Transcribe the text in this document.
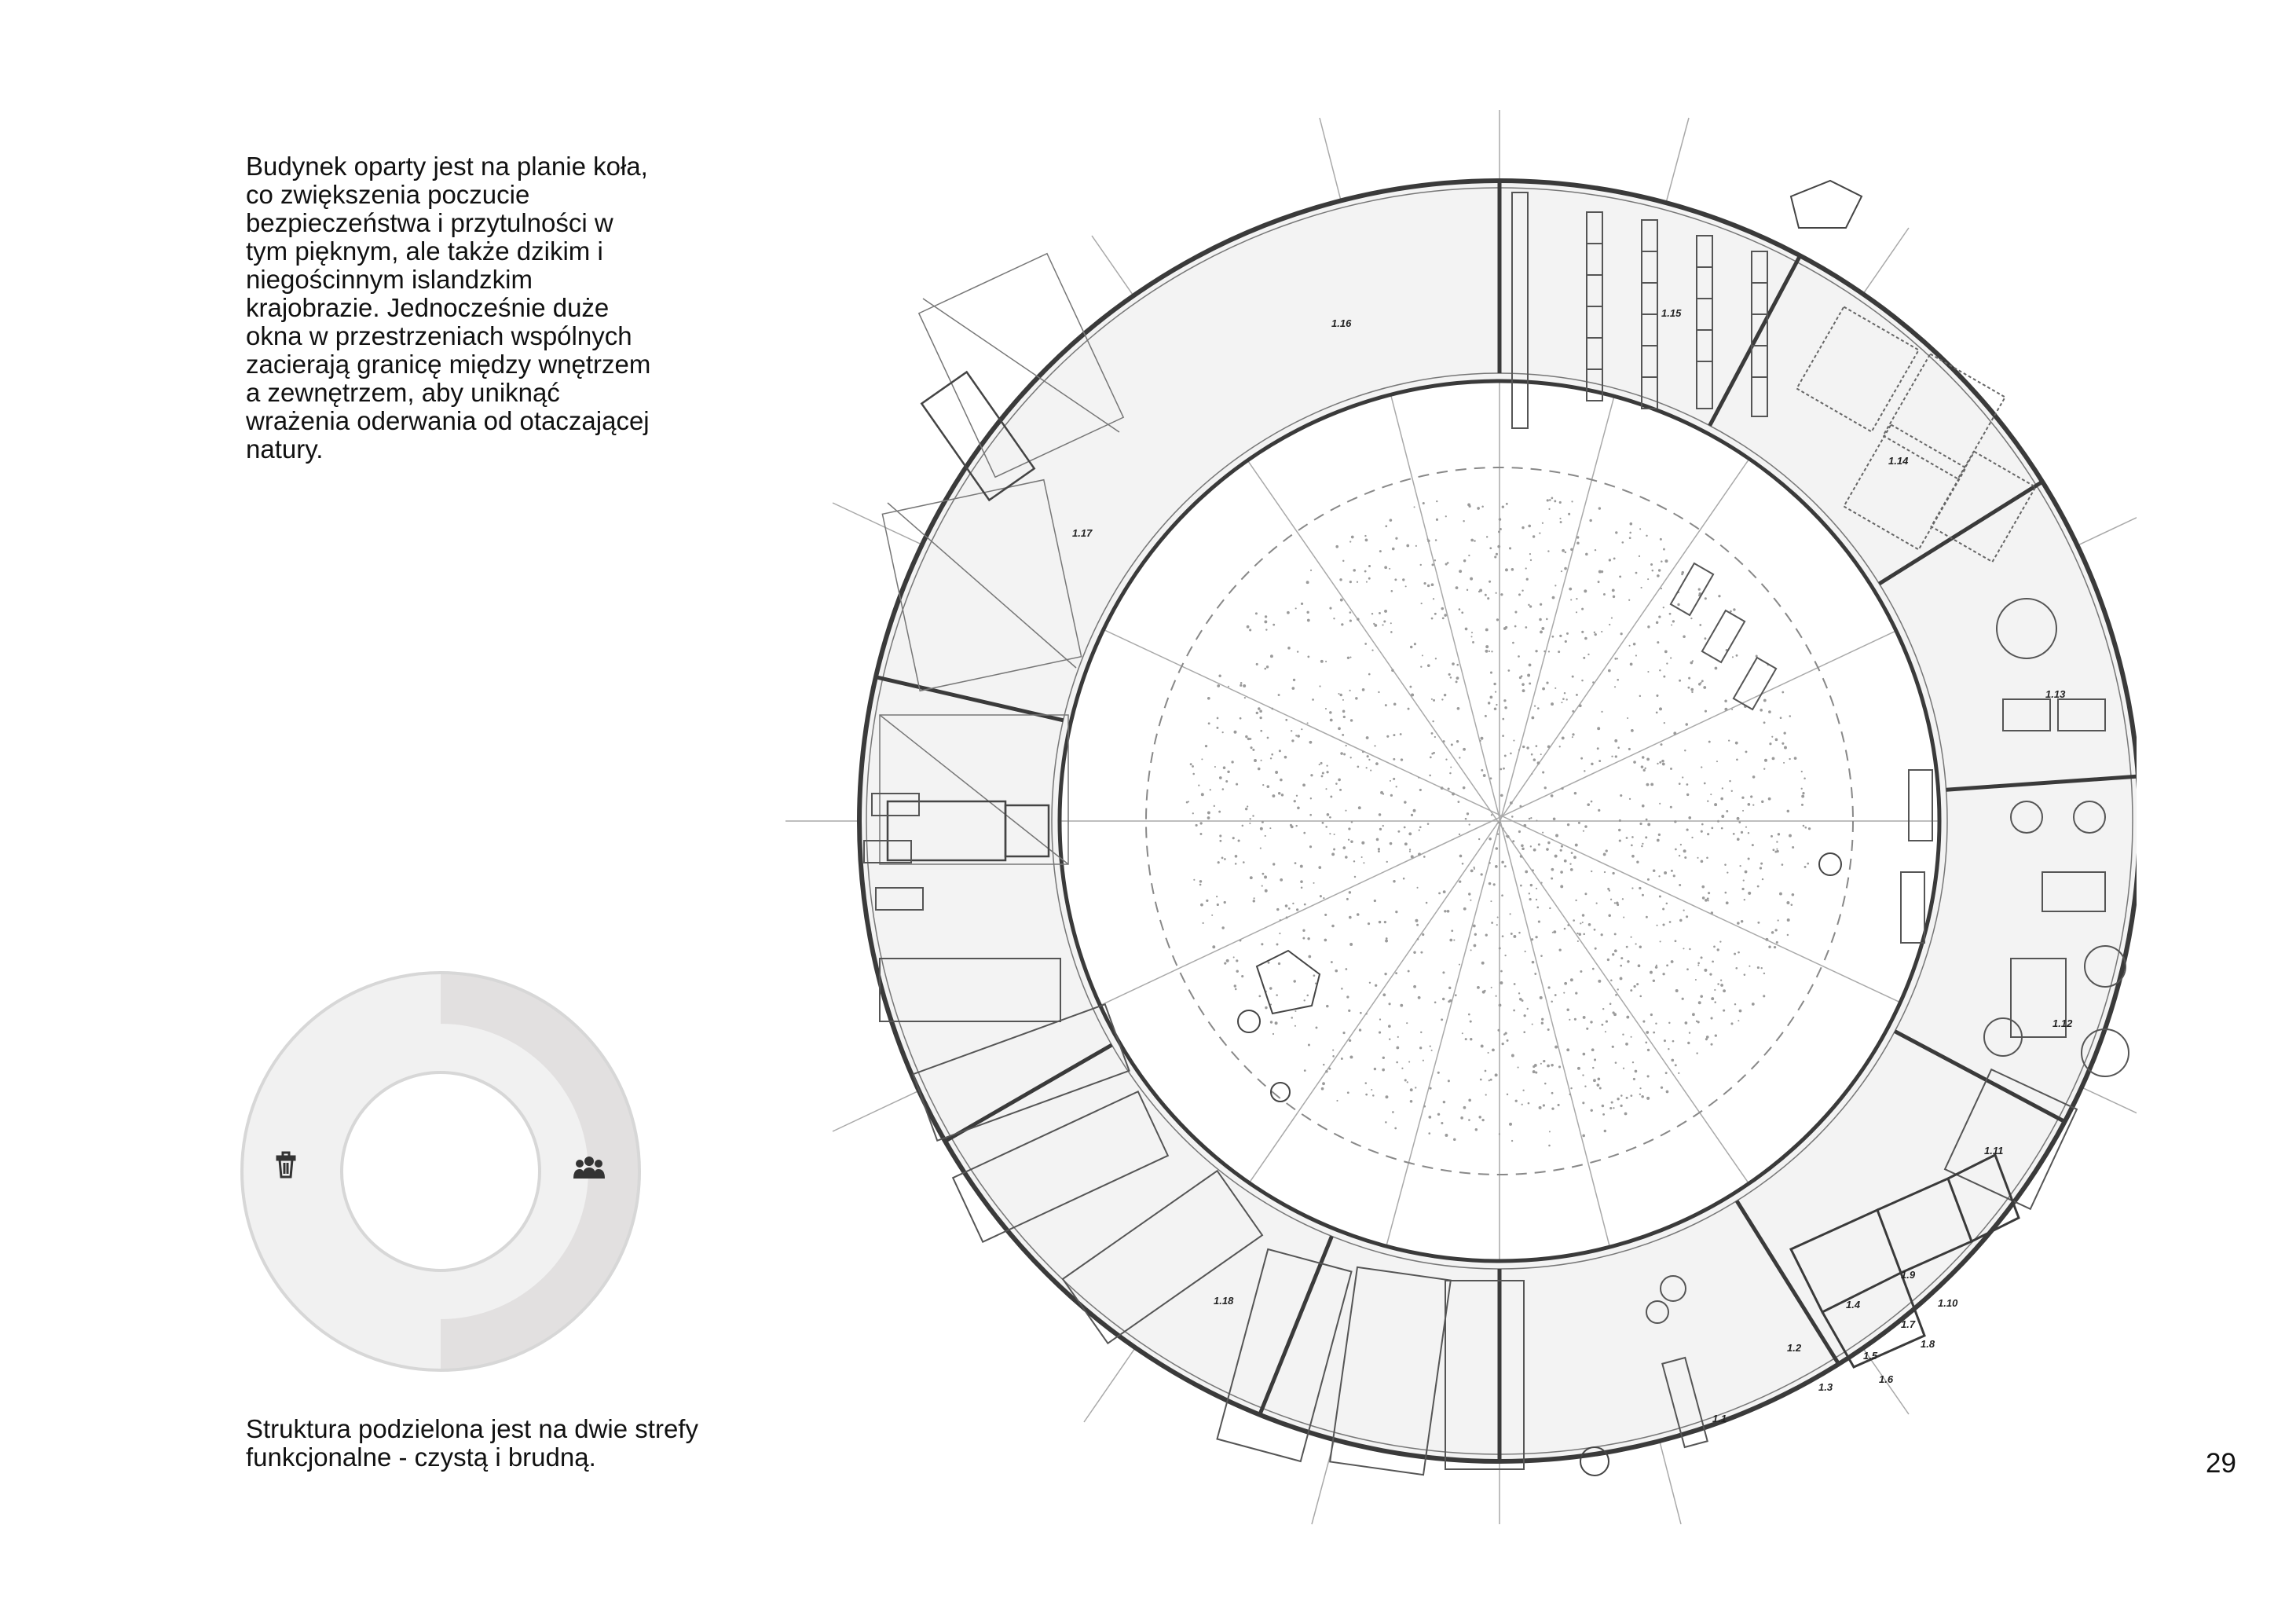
Budynek oparty jest na planie koła, co zwiększenia poczucie bezpieczeństwa i przytulności w tym pięknym, ale także dzikim i niegościnnym islandzkim krajobrazie. Jednocześnie duże okna w przestrzeniach wspólnych zacierają granicę między wnętrzem a zewnętrzem, aby uniknąć wrażenia oderwania od otaczającej natury.

Struktura podzielona jest na dwie strefy funkcjonalne - czystą i brudną.

1.1
1.2
1.3
1.4
1.5
1.6
1.7
1.8
1.9
1.10
1.11
1.12
1.13
1.14
1.15
1.16
1.17
1.18
29
